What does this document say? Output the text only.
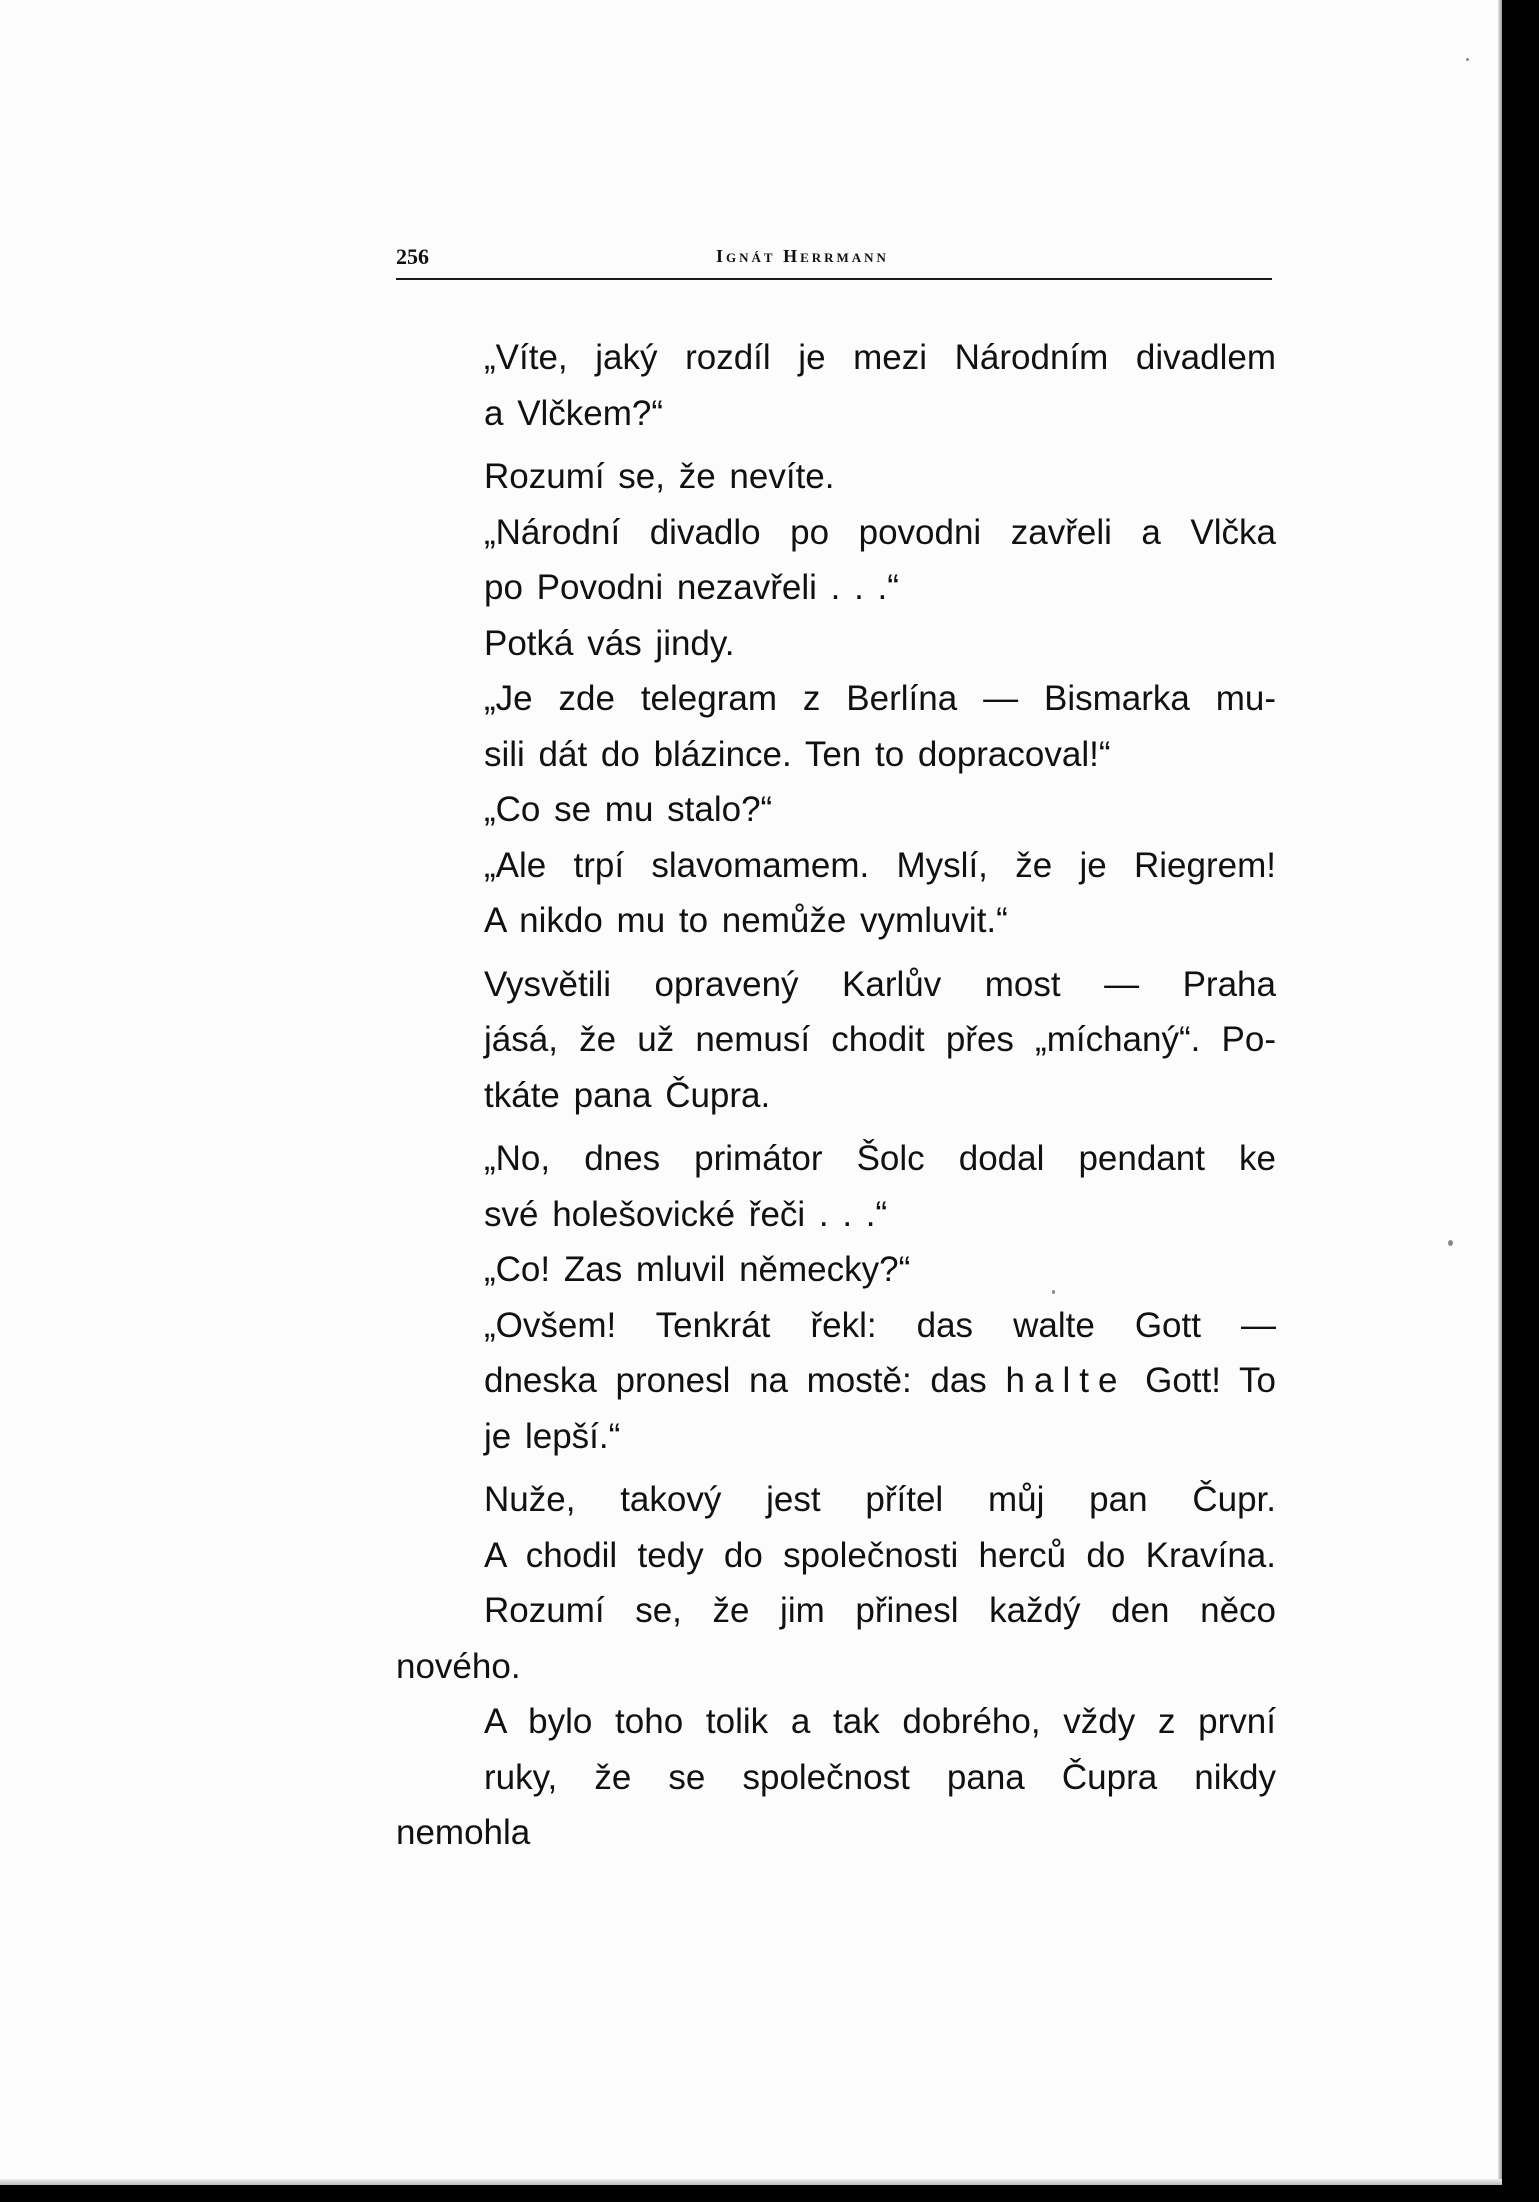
256	Ignát Herrmann

„Víte, jaký rozdíl je mezi Národním divadlem
a Vlčkem?“

Rozumí se, že nevíte.

„Národní divadlo po povodni zavřeli a Vlčka
po Povodni nezavřeli . . .“

Potká vás jindy.

„Je zde telegram z Berlína — Bismarka mu-
sili dát do blázince. Ten to dopracoval!“

„Co se mu stalo?“

„Ale trpí slavomamem. Myslí, že je Riegrem!
A nikdo mu to nemůže vymluvit.“

Vysvětili opravený Karlův most — Praha
jásá, že už nemusí chodit přes „míchaný“. Po-
tkáte pana Čupra.

„No, dnes primátor Šolc dodal pendant ke
své holešovické řeči . . .“

„Co! Zas mluvil německy?“

„Ovšem! Tenkrát řekl: das walte Gott —
dneska pronesl na mostě: das halte Gott! To
je lepší.“

Nuže, takový jest přítel můj pan Čupr.
A chodil tedy do společnosti herců do Kravína.
Rozumí se, že jim přinesl každý den něco nového.
A bylo toho tolik a tak dobrého, vždy z první
ruky, že se společnost pana Čupra nikdy nemohla
